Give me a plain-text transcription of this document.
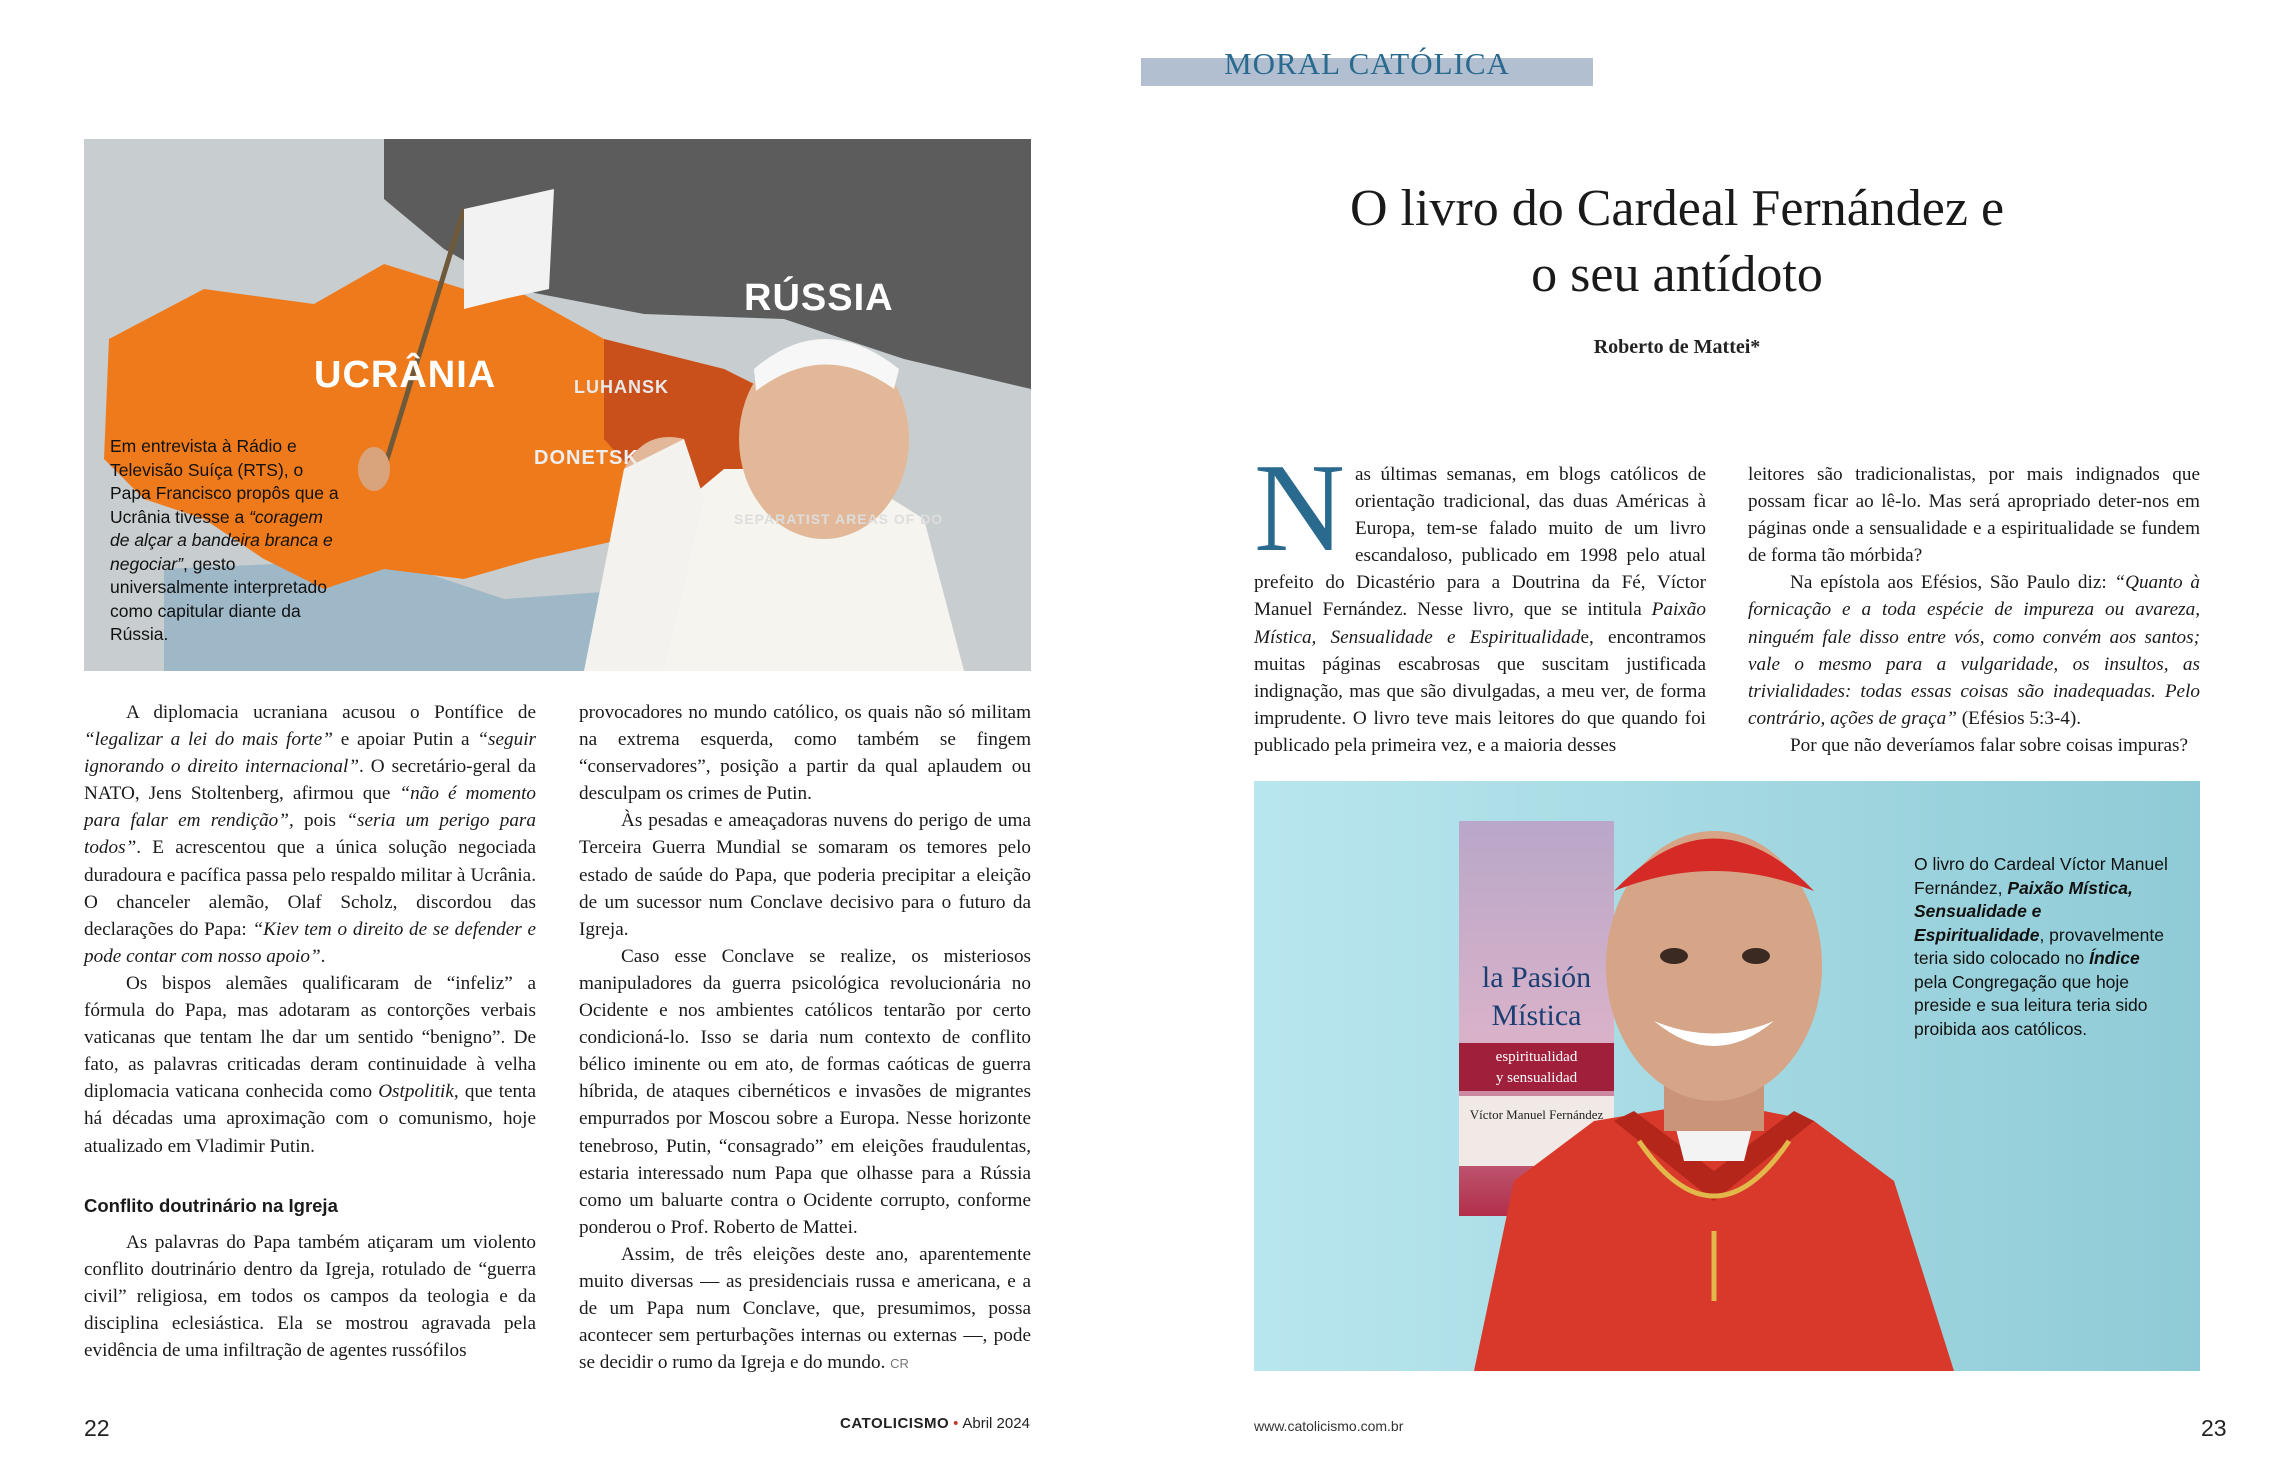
RÚSSIA
UCRÂNIA	LUHANSK
DONETSK
SEPARATIST AREAS OF DO
Em entrevista à Rádio e Televisão Suíça (RTS), o Papa Francisco propôs que a Ucrânia tivesse a “coragem de alçar a bandeira branca e negociar”, gesto universalmente interpretado como capitular diante da Rússia.

A diplomacia ucraniana acusou o Pontífice de “legalizar a lei do mais forte” e apoiar Putin a “seguir ignorando o direito internacional”. O secretário-geral da NATO, Jens Stoltenberg, afirmou que “não é momento para falar em rendição”, pois “seria um perigo para todos”. E acrescentou que a única solução negociada duradoura e pacífica passa pelo respaldo militar à Ucrânia. O chanceler alemão, Olaf Scholz, discordou das declarações do Papa: “Kiev tem o direito de se defender e pode contar com nosso apoio”.

Os bispos alemães qualificaram de “infeliz” a fórmula do Papa, mas adotaram as contorções verbais vaticanas que tentam lhe dar um sentido “benigno”. De fato, as palavras criticadas deram continuidade à velha diplomacia vaticana conhecida como Ostpolitik, que tenta há décadas uma aproximação com o comunismo, hoje atualizado em Vladimir Putin.

Conflito doutrinário na Igreja

As palavras do Papa também atiçaram um violento conflito doutrinário dentro da Igreja, rotulado de “guerra civil” religiosa, em todos os campos da teologia e da disciplina eclesiástica. Ela se mostrou agravada pela evidência de uma infiltração de agentes russófilos

provocadores no mundo católico, os quais não só militam na extrema esquerda, como também se fingem “conservadores”, posição a partir da qual aplaudem ou desculpam os crimes de Putin.

Às pesadas e ameaçadoras nuvens do perigo de uma Terceira Guerra Mundial se somaram os temores pelo estado de saúde do Papa, que poderia precipitar a eleição de um sucessor num Conclave decisivo para o futuro da Igreja.

Caso esse Conclave se realize, os misteriosos manipuladores da guerra psicológica revolucionária no Ocidente e nos ambientes católicos tentarão por certo condicioná-lo. Isso se daria num contexto de conflito bélico iminente ou em ato, de formas caóticas de guerra híbrida, de ataques cibernéticos e invasões de migrantes empurrados por Moscou sobre a Europa. Nesse horizonte tenebroso, Putin, “consagrado” em eleições fraudulentas, estaria interessado num Papa que olhasse para a Rússia como um baluarte contra o Ocidente corrupto, conforme ponderou o Prof. Roberto de Mattei.

Assim, de três eleições deste ano, aparentemente muito diversas — as presidenciais russa e americana, e a de um Papa num Conclave, que, presumimos, possa acontecer sem perturbações internas ou externas —, pode se decidir o rumo da Igreja e do mundo. CR

22	CATOLICISMO • Abril 2024
MORAL CATÓLICA
O livro do Cardeal Fernández e
o seu antídoto
Roberto de Mattei*

Nas últimas semanas, em blogs católicos de orientação tradicional, das duas Américas à Europa, tem-se falado muito de um livro escandaloso, publicado em 1998 pelo atual prefeito do Dicastério para a Doutrina da Fé, Víctor Manuel Fernández. Nesse livro, que se intitula Paixão Mística, Sensualidade e Espiritualidade, encontramos muitas páginas escabrosas que suscitam justificada indignação, mas que são divulgadas, a meu ver, de forma imprudente. O livro teve mais leitores do que quando foi publicado pela primeira vez, e a maioria desses

leitores são tradicionalistas, por mais indignados que possam ficar ao lê-lo. Mas será apropriado deter-nos em páginas onde a sensualidade e a espiritualidade se fundem de forma tão mórbida?

Na epístola aos Efésios, São Paulo diz: “Quanto à fornicação e a toda espécie de impureza ou avareza, ninguém fale disso entre vós, como convém aos santos; vale o mesmo para a vulgaridade, os insultos, as trivialidades: todas essas coisas são inadequadas. Pelo contrário, ações de graça” (Efésios 5:3-4).

Por que não deveríamos falar sobre coisas impuras?

la Pasión
Mística
espiritualidad
y sensualidad
Víctor Manuel Fernández
O livro do Cardeal Víctor Manuel Fernández, Paixão Mística, Sensualidade e Espiritualidade, provavelmente teria sido colocado no Índice pela Congregação que hoje preside e sua leitura teria sido proibida aos católicos.
www.catolicismo.com.br	23
